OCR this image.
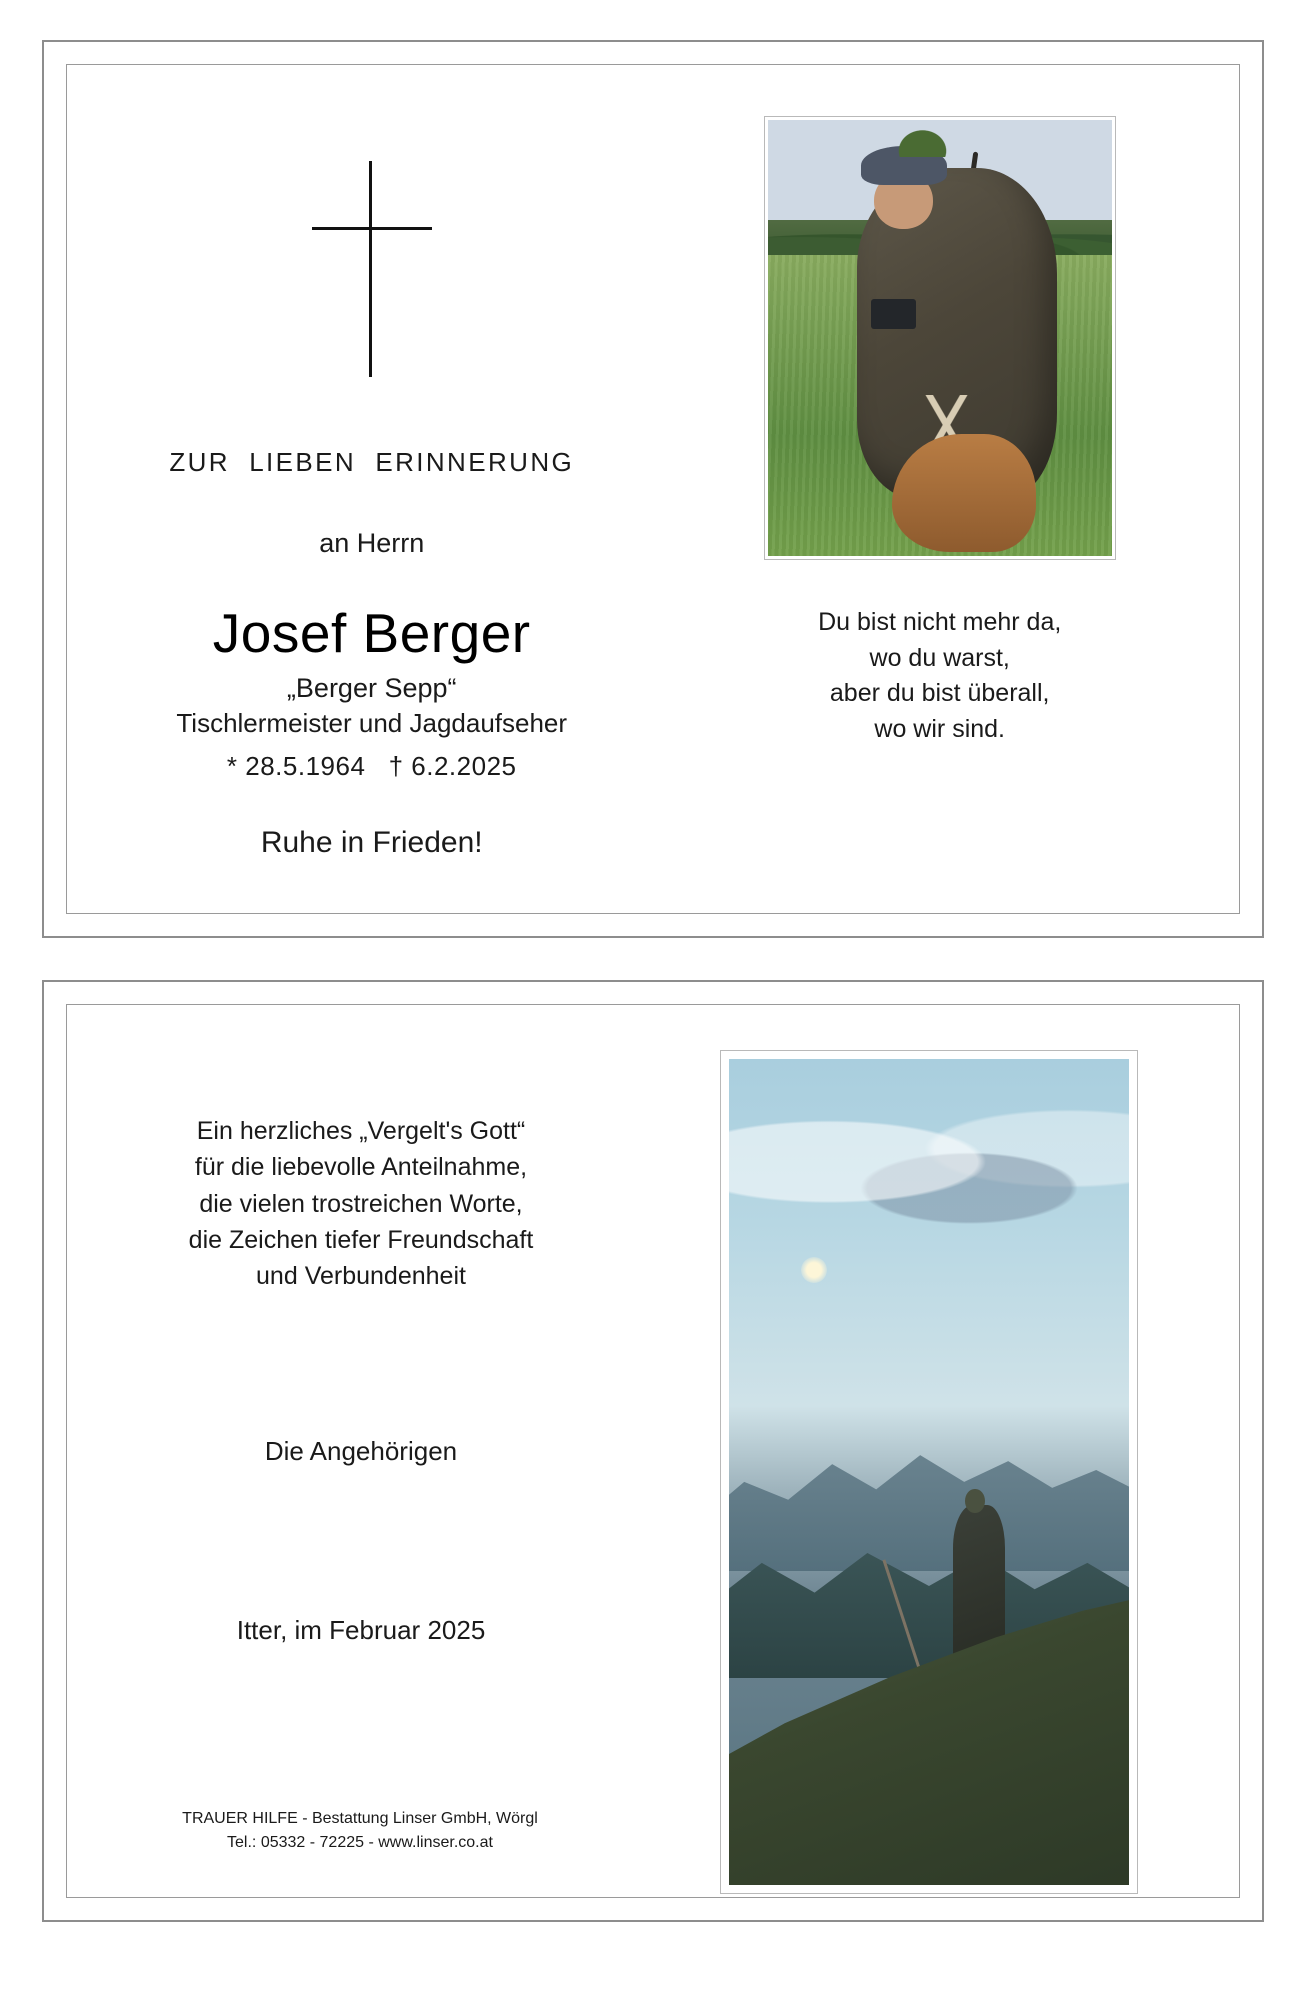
ZUR  LIEBEN  ERINNERUNG
an Herrn
Josef Berger
„Berger Sepp“
Tischlermeister und Jagdaufseher
* 28.5.1964   † 6.2.2025
Ruhe in Frieden!
Du bist nicht mehr da,
wo du warst,
aber du bist überall,
wo wir sind.
Ein herzliches „Vergelt's Gott“
für die liebevolle Anteilnahme,
die vielen trostreichen Worte,
die Zeichen tiefer Freundschaft
und Verbundenheit
Die Angehörigen
Itter, im Februar 2025
TRAUER HILFE - Bestattung Linser GmbH, Wörgl
Tel.: 05332 - 72225 - www.linser.co.at
